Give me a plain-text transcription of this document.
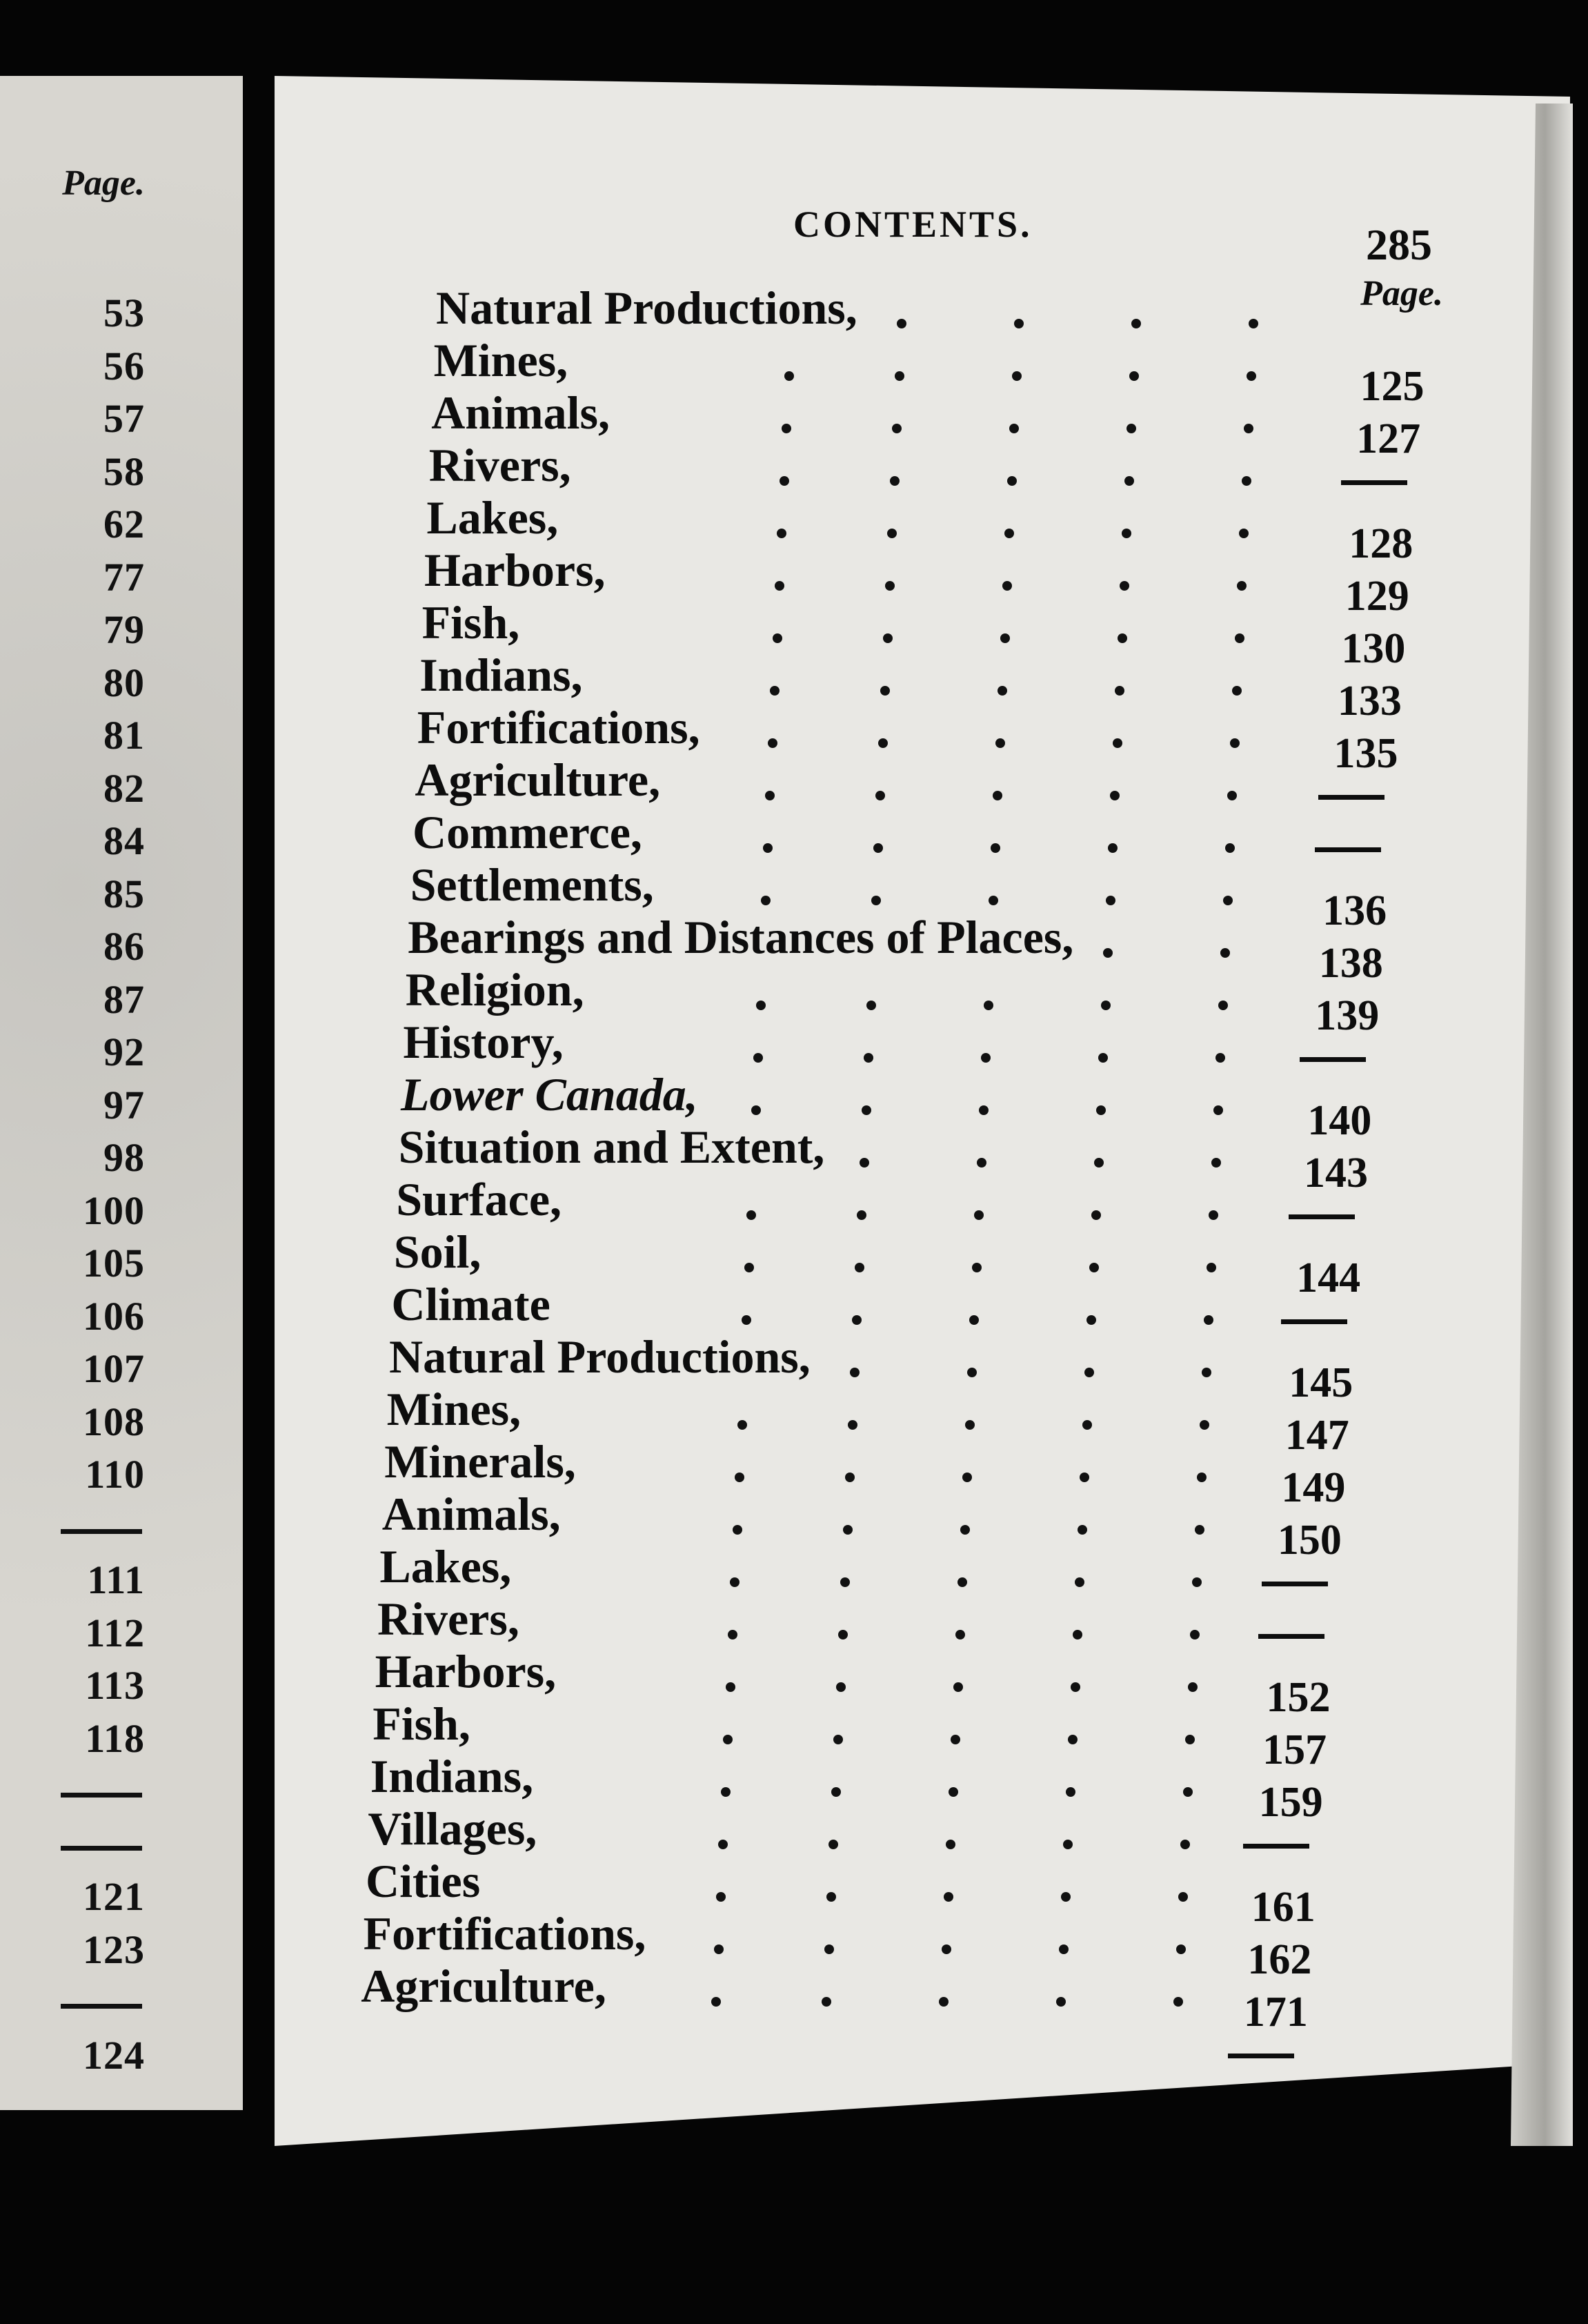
Page.
53
56
57
58
62
77
79
80
81
82
84
85
86
87
92
97
98
100
105
106
107
108
110
111
112
113
118
121
123
124
CONTENTS.	285
Page.
Natural Productions,
Mines,	125
Animals,	127
Rivers,
Lakes,	128
Harbors,	129
Fish,	130
Indians,	133
Fortifications,	135
Agriculture,
Commerce,
Settlements,	136
Bearings and Distances of Places,	138
Religion,	139
History,
Lower Canada,	140
Situation and Extent,	143
Surface,
Soil,	144
Climate
Natural Productions,	145
Mines,	147
Minerals,	149
Animals,	150
Lakes,
Rivers,
Harbors,	152
Fish,	157
Indians,	159
Villages,
Cities	161
Fortifications,	162
Agriculture,	171
